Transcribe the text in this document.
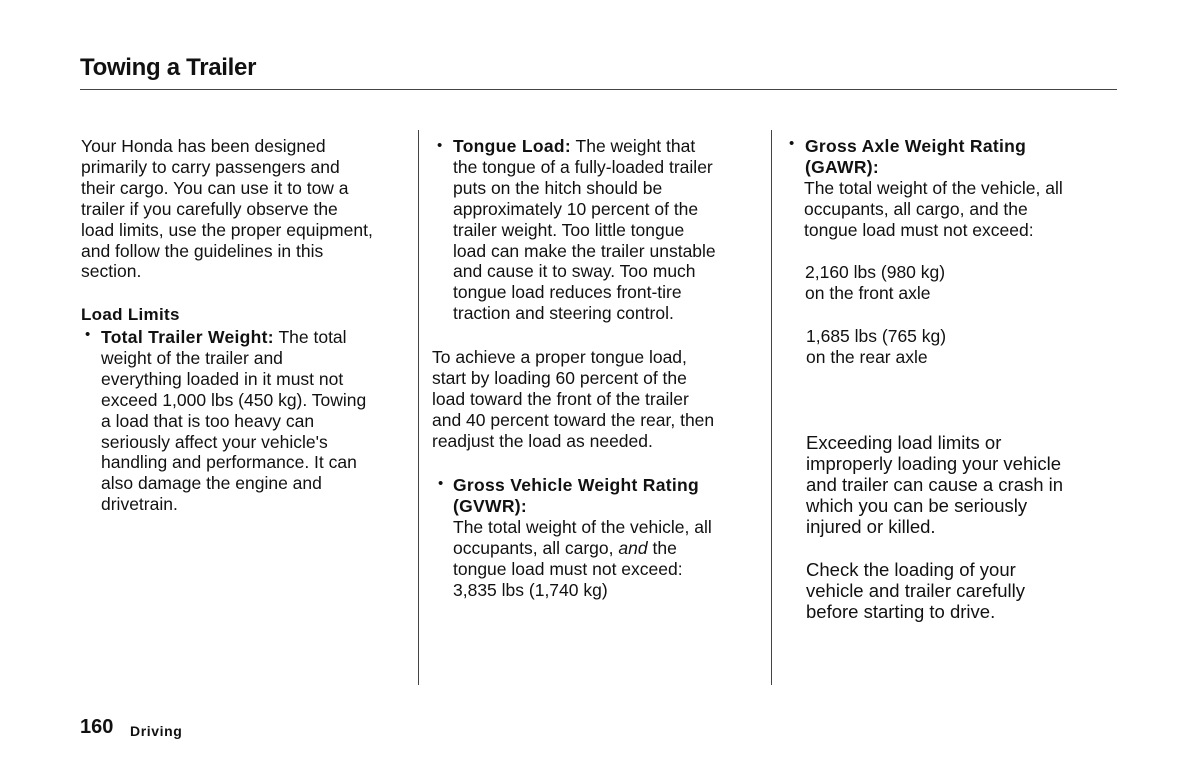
Towing a Trailer
Your Honda has been designed
primarily to carry passengers and
their cargo. You can use it to tow a
trailer if you carefully observe the
load limits, use the proper equipment,
and follow the guidelines in this
section.
Load Limits
• Total Trailer Weight: The total
weight of the trailer and
everything loaded in it must not
exceed 1,000 lbs (450 kg). Towing
a load that is too heavy can
seriously affect your vehicle's
handling and performance. It can
also damage the engine and
drivetrain.
• Tongue Load: The weight that
the tongue of a fully-loaded trailer
puts on the hitch should be
approximately 10 percent of the
trailer weight. Too little tongue
load can make the trailer unstable
and cause it to sway. Too much
tongue load reduces front-tire
traction and steering control.
To achieve a proper tongue load,
start by loading 60 percent of the
load toward the front of the trailer
and 40 percent toward the rear, then
readjust the load as needed.
• Gross Vehicle Weight Rating
(GVWR):
The total weight of the vehicle, all
occupants, all cargo, and the
tongue load must not exceed:
3,835 lbs (1,740 kg)
• Gross Axle Weight Rating
(GAWR):
The total weight of the vehicle, all
occupants, all cargo, and the
tongue load must not exceed:
2,160 lbs (980 kg)
on the front axle
1,685 lbs (765 kg)
on the rear axle
Exceeding load limits or
improperly loading your vehicle
and trailer can cause a crash in
which you can be seriously
injured or killed.
Check the loading of your
vehicle and trailer carefully
before starting to drive.
160 Driving
